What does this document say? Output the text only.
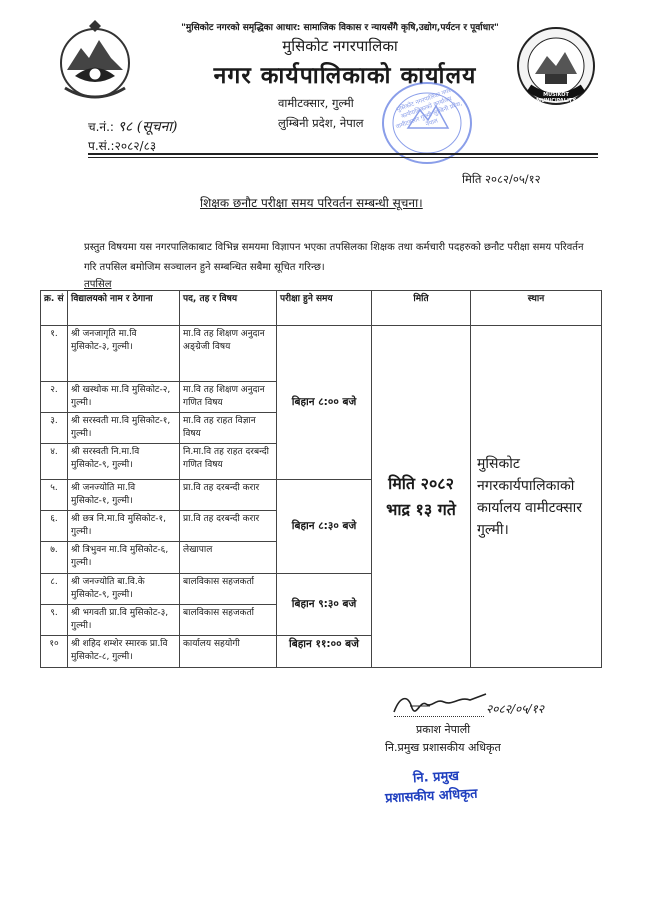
MUSIKOT MUNICIPALITY
"मुसिकोट नगरको समृद्धिका आधार: सामाजिक विकास र न्यायसँगै कृषि,उद्योग,पर्यटन र पूर्वाधार"
मुसिकोट नगरपालिका
नगर कार्यपालिकाको कार्यालय
वामीटक्सार, गुल्मी
लुम्बिनी प्रदेश, नेपाल
मुसिकोट नगरपालिका नगर कार्यपालिकाको कार्यालय वामीटक्सार गुल्मी लुम्बिनी प्रदेश, नेपाल
च.नं.: ९८ (सूचना)
प.सं.:२०८२/८३
मिति २०८२/०५/१२
शिक्षक छनौट परीक्षा समय परिवर्तन सम्बन्धी सूचना।
प्रस्तुत विषयमा यस नगरपालिकाबाट विभिन्न समयमा विज्ञापन भएका तपसिलका शिक्षक तथा कर्मचारी पदहरुको छनौट परीक्षा समय परिवर्तन गरि तपसिल बमोजिम सञ्चालन हुने सम्बन्धित सबैमा सूचित गरिन्छ।
तपसिल
क्र. सं	विद्यालयको नाम र ठेगाना	पद, तह र विषय	परीक्षा हुने समय	मिति	स्थान
१.	श्री जनजागृति मा.वि मुसिकोट-३, गुल्मी।	मा.वि तह शिक्षण अनुदान अङ्ग्रेजी विषय	बिहान ८:०० बजे	मिति २०८२ भाद्र १३ गते	मुसिकोट नगरकार्यपालिकाको कार्यालय वामीटक्सार गुल्मी।
२.	श्री खस्थोक मा.वि मुसिकोट-२, गुल्मी।	मा.वि तह शिक्षण अनुदान गणित विषय			
३.	श्री सरस्वती मा.वि मुसिकोट-१, गुल्मी।	मा.वि तह राहत विज्ञान विषय			
४.	श्री सरस्वती नि.मा.वि मुसिकोट-९, गुल्मी।	नि.मा.वि तह राहत दरबन्दी गणित विषय			
५.	श्री जनज्योति मा.वि मुसिकोट-१, गुल्मी।	प्रा.वि तह दरबन्दी करार	बिहान ८:३० बजे		
६.	श्री छत्र नि.मा.वि मुसिकोट-१, गुल्मी।	प्रा.वि तह दरबन्दी करार			
७.	श्री त्रिभुवन मा.वि मुसिकोट-६, गुल्मी।	लेखापाल			
८.	श्री जनज्योति बा.वि.के मुसिकोट-९, गुल्मी।	बालविकास सहजकर्ता	बिहान ९:३० बजे		
९.	श्री भगवती प्रा.वि मुसिकोट-३, गुल्मी।	बालविकास सहजकर्ता			
१०	श्री शहिद शम्शेर स्मारक प्रा.वि मुसिकोट-८, गुल्मी।	कार्यालय सहयोगी	बिहान ११:०० बजे		
२०८२/०५/१२
प्रकाश नेपाली
नि.प्रमुख प्रशासकीय अधिकृत
नि. प्रमुख
प्रशासकीय अधिकृत
